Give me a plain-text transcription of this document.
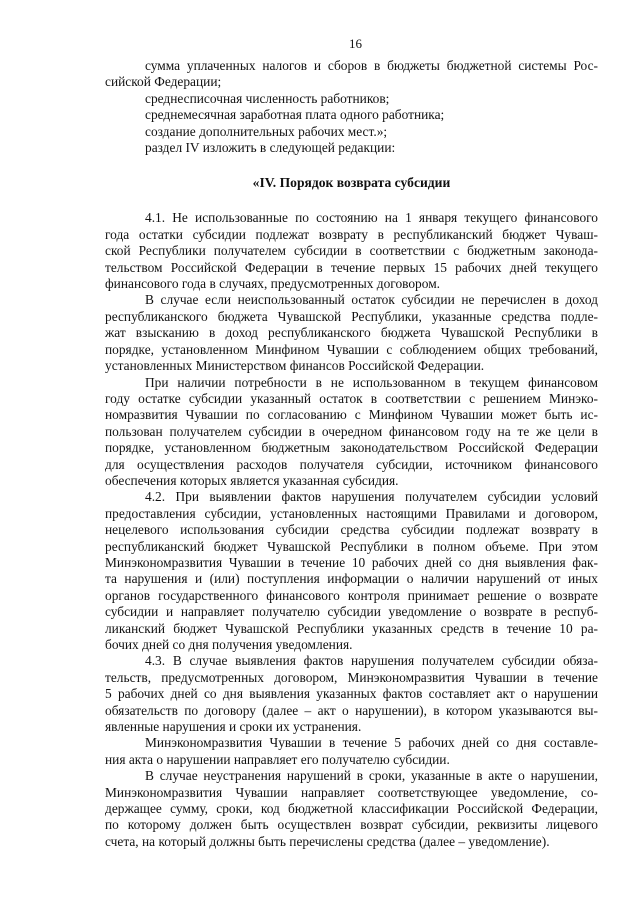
16

сумма уплаченных налогов и сборов в бюджеты бюджетной системы Рос-

сийской Федерации;

среднесписочная численность работников;

среднемесячная заработная плата одного работника;

создание дополнительных рабочих мест.»;

раздел IV изложить в следующей редакции:

«IV. Порядок возврата субсидии

4.1. Не использованные по состоянию на 1 января текущего финансового

года остатки субсидии подлежат возврату в республиканский бюджет Чуваш-

ской Республики получателем субсидии в соответствии с бюджетным законода-

тельством Российской Федерации в течение первых 15 рабочих дней текущего

финансового года в случаях, предусмотренных договором.

В случае если неиспользованный остаток субсидии не перечислен в доход

республиканского бюджета Чувашской Республики, указанные средства подле-

жат взысканию в доход республиканского бюджета Чувашской Республики в

порядке, установленном Минфином Чувашии с соблюдением общих требований,

установленных Министерством финансов Российской Федерации.

При наличии потребности в не использованном в текущем финансовом

году остатке субсидии указанный остаток в соответствии с решением Минэко-

номразвития Чувашии по согласованию с Минфином Чувашии может быть ис-

пользован получателем субсидии в очередном финансовом году на те же цели в

порядке, установленном бюджетным законодательством Российской Федерации

для осуществления расходов получателя субсидии, источником финансового

обеспечения которых является указанная субсидия.

4.2. При выявлении фактов нарушения получателем субсидии условий

предоставления субсидии, установленных настоящими Правилами и договором,

нецелевого использования субсидии средства субсидии подлежат возврату в

республиканский бюджет Чувашской Республики в полном объеме. При этом

Минэкономразвития Чувашии в течение 10 рабочих дней со дня выявления фак-

та нарушения и (или) поступления информации о наличии нарушений от иных

органов государственного финансового контроля принимает решение о возврате

субсидии и направляет получателю субсидии уведомление о возврате в респуб-

ликанский бюджет Чувашской Республики указанных средств в течение 10 ра-

бочих дней со дня получения уведомления.

4.3. В случае выявления фактов нарушения получателем субсидии обяза-

тельств, предусмотренных договором, Минэкономразвития Чувашии в течение

5 рабочих дней со дня выявления указанных фактов составляет акт о нарушении

обязательств по договору (далее – акт о нарушении), в котором указываются вы-

явленные нарушения и сроки их устранения.

Минэкономразвития Чувашии в течение 5 рабочих дней со дня составле-

ния акта о нарушении направляет его получателю субсидии.

В случае неустранения нарушений в сроки, указанные в акте о нарушении,

Минэкономразвития Чувашии направляет соответствующее уведомление, со-

держащее сумму, сроки, код бюджетной классификации Российской Федерации,

по которому должен быть осуществлен возврат субсидии, реквизиты лицевого

счета, на который должны быть перечислены средства (далее – уведомление).
